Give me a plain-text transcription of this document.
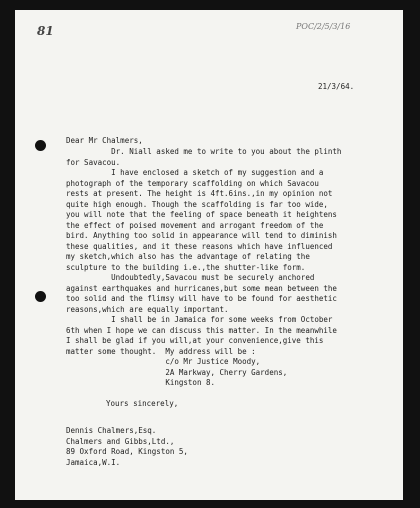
81	POC/2/5/3/16
21/3/64.
Dear Mr Chalmers,
Dr. Niall asked me to write to you about the plinth
for Savacou.
I have enclosed a sketch of my suggestion and a
photograph of the temporary scaffolding on which Savacou
rests at present. The height is 4ft.6ins.,in my opinion not
quite high enough. Though the scaffolding is far too wide,
you will note that the feeling of space beneath it heightens
the effect of poised movement and arrogant freedom of the
bird. Anything too solid in appearance will tend to diminish
these qualities, and it these reasons which have influenced
my sketch,which also has the advantage of relating the
sculpture to the building i.e.,the shutter-like form.
Undoubtedly,Savacou must be securely anchored
against earthquakes and hurricanes,but some mean between the
too solid and the flimsy will have to be found for aesthetic
reasons,which are equally important.
I shall be in Jamaica for some weeks from October
6th when I hope we can discuss this matter. In the meanwhile
I shall be glad if you will,at your convenience,give this
matter some thought.  My address will be :
c/o Mr Justice Moody,
2A Markway, Cherry Gardens,
Kingston 8.
Yours sincerely,
Dennis Chalmers,Esq.
Chalmers and Gibbs,Ltd.,
89 Oxford Road, Kingston 5,
Jamaica,W.I.
